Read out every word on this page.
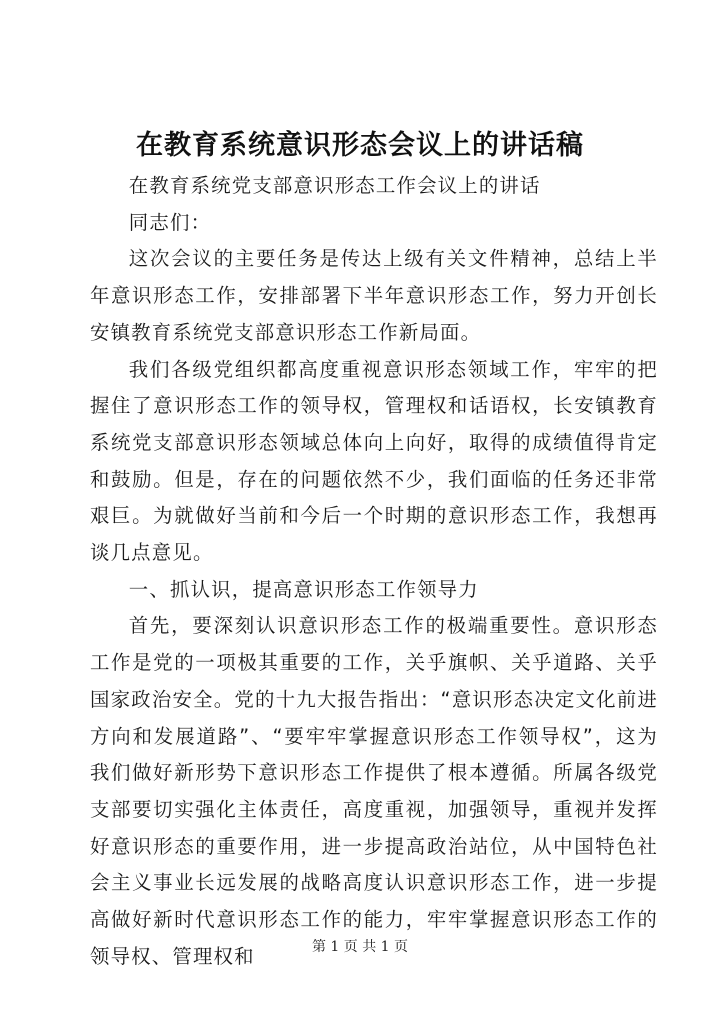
在教育系统意识形态会议上的讲话稿

在教育系统党支部意识形态工作会议上的讲话

同志们：

这次会议的主要任务是传达上级有关文件精神，总结上半年意识形态工作，安排部署下半年意识形态工作，努力开创长安镇教育系统党支部意识形态工作新局面。

我们各级党组织都高度重视意识形态领域工作，牢牢的把握住了意识形态工作的领导权，管理权和话语权，长安镇教育系统党支部意识形态领域总体向上向好，取得的成绩值得肯定和鼓励。但是，存在的问题依然不少，我们面临的任务还非常艰巨。为就做好当前和今后一个时期的意识形态工作，我想再谈几点意见。

一、抓认识，提高意识形态工作领导力

首先，要深刻认识意识形态工作的极端重要性。意识形态工作是党的一项极其重要的工作，关乎旗帜、关乎道路、关乎国家政治安全。党的十九大报告指出：“意识形态决定文化前进方向和发展道路”、“要牢牢掌握意识形态工作领导权”，这为我们做好新形势下意识形态工作提供了根本遵循。所属各级党支部要切实强化主体责任，高度重视，加强领导，重视并发挥好意识形态的重要作用，进一步提高政治站位，从中国特色社会主义事业长远发展的战略高度认识意识形态工作，进一步提高做好新时代意识形态工作的能力，牢牢掌握意识形态工作的领导权、管理权和	第 1 页 共 1 页
